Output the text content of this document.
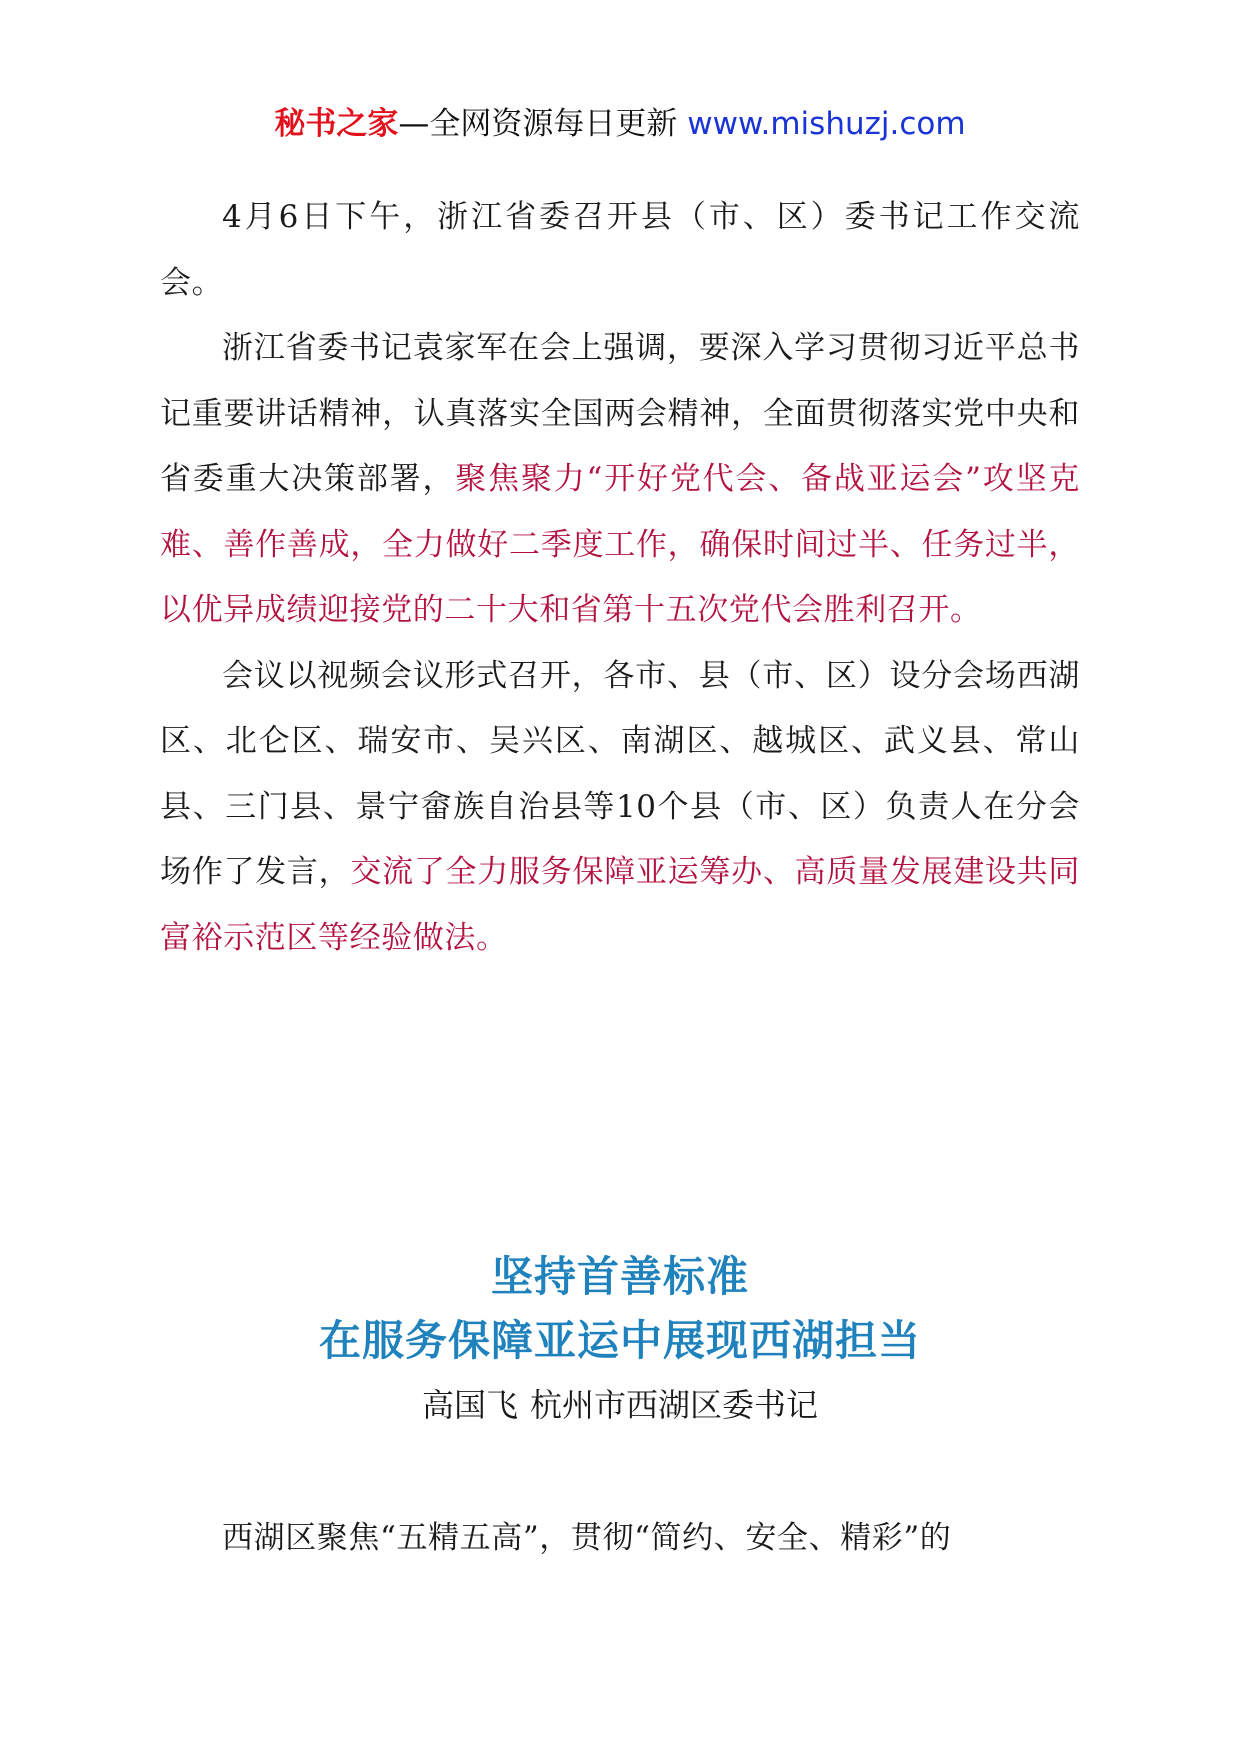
秘书之家—全网资源每日更新 www.mishuzj.com

4月6日下午，浙江省委召开县（市、区）委书记工作交流会。

浙江省委书记袁家军在会上强调，要深入学习贯彻习近平总书记重要讲话精神，认真落实全国两会精神，全面贯彻落实党中央和省委重大决策部署，聚焦聚力“开好党代会、备战亚运会”攻坚克难、善作善成，全力做好二季度工作，确保时间过半、任务过半，以优异成绩迎接党的二十大和省第十五次党代会胜利召开。

会议以视频会议形式召开，各市、县（市、区）设分会场西湖区、北仑区、瑞安市、吴兴区、南湖区、越城区、武义县、常山县、三门县、景宁畲族自治县等10个县（市、区）负责人在分会场作了发言，交流了全力服务保障亚运筹办、高质量发展建设共同富裕示范区等经验做法。

坚持首善标准
在服务保障亚运中展现西湖担当
高国飞 杭州市西湖区委书记

西湖区聚焦“五精五高”，贯彻“简约、安全、精彩”的
